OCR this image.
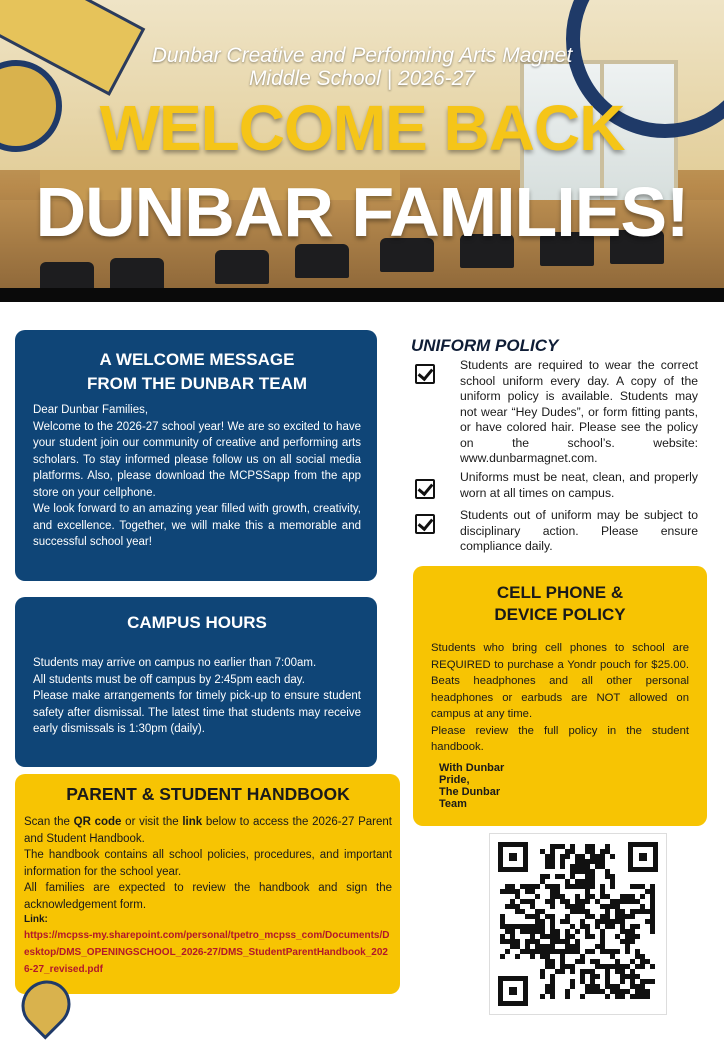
Dunbar Creative and Performing Arts Magnet
Middle School | 2026-27
WELCOME BACK
DUNBAR FAMILIES!
A WELCOME MESSAGE
FROM THE DUNBAR TEAM

Dear Dunbar Families,

Welcome to the 2026-27 school year! We are so excited to have your student join our community of creative and performing arts scholars. To stay informed please follow us on all social media platforms. Also, please download the MCPSSapp from the app store on your cellphone.

We look forward to an amazing year filled with growth, creativity, and excellence. Together, we will make this a memorable and successful school year!

CAMPUS HOURS

Students may arrive on campus no earlier than 7:00am.

All students must be off campus by 2:45pm each day.

Please make arrangements for timely pick-up to ensure student safety after dismissal. The latest time that students may receive early dismissals is 1:30pm (daily).

PARENT & STUDENT HANDBOOK

Scan the QR code or visit the link below to access the 2026-27 Parent and Student Handbook.

The handbook contains all school policies, procedures, and important information for the school year.

All families are expected to review the handbook and sign the acknowledgement form.

Link:

https://mcpss-my.sharepoint.com/personal/tpetro_mcpss_com/Documents/Desktop/DMS_OPENINGSCHOOL_2026-27/DMS_StudentParentHandbook_2026-27_revised.pdf

UNIFORM POLICY
Students are required to wear the correct school uniform every day. A copy of the uniform policy is available. Students may not wear “Hey Dudes”, or form fitting pants, or have colored hair. Please see the policy on the school’s. website: www.dunbarmagnet.com.
Uniforms must be neat, clean, and properly worn at all times on campus.
Students out of uniform may be subject to disciplinary action. Please ensure compliance daily.
CELL PHONE &
DEVICE POLICY

Students who bring cell phones to school are REQUIRED to purchase a Yondr pouch for $25.00. Beats headphones and all other personal headphones or earbuds are NOT allowed on campus at any time.

Please review the full policy in the student handbook.

With Dunbar
Pride,
The Dunbar
Team
